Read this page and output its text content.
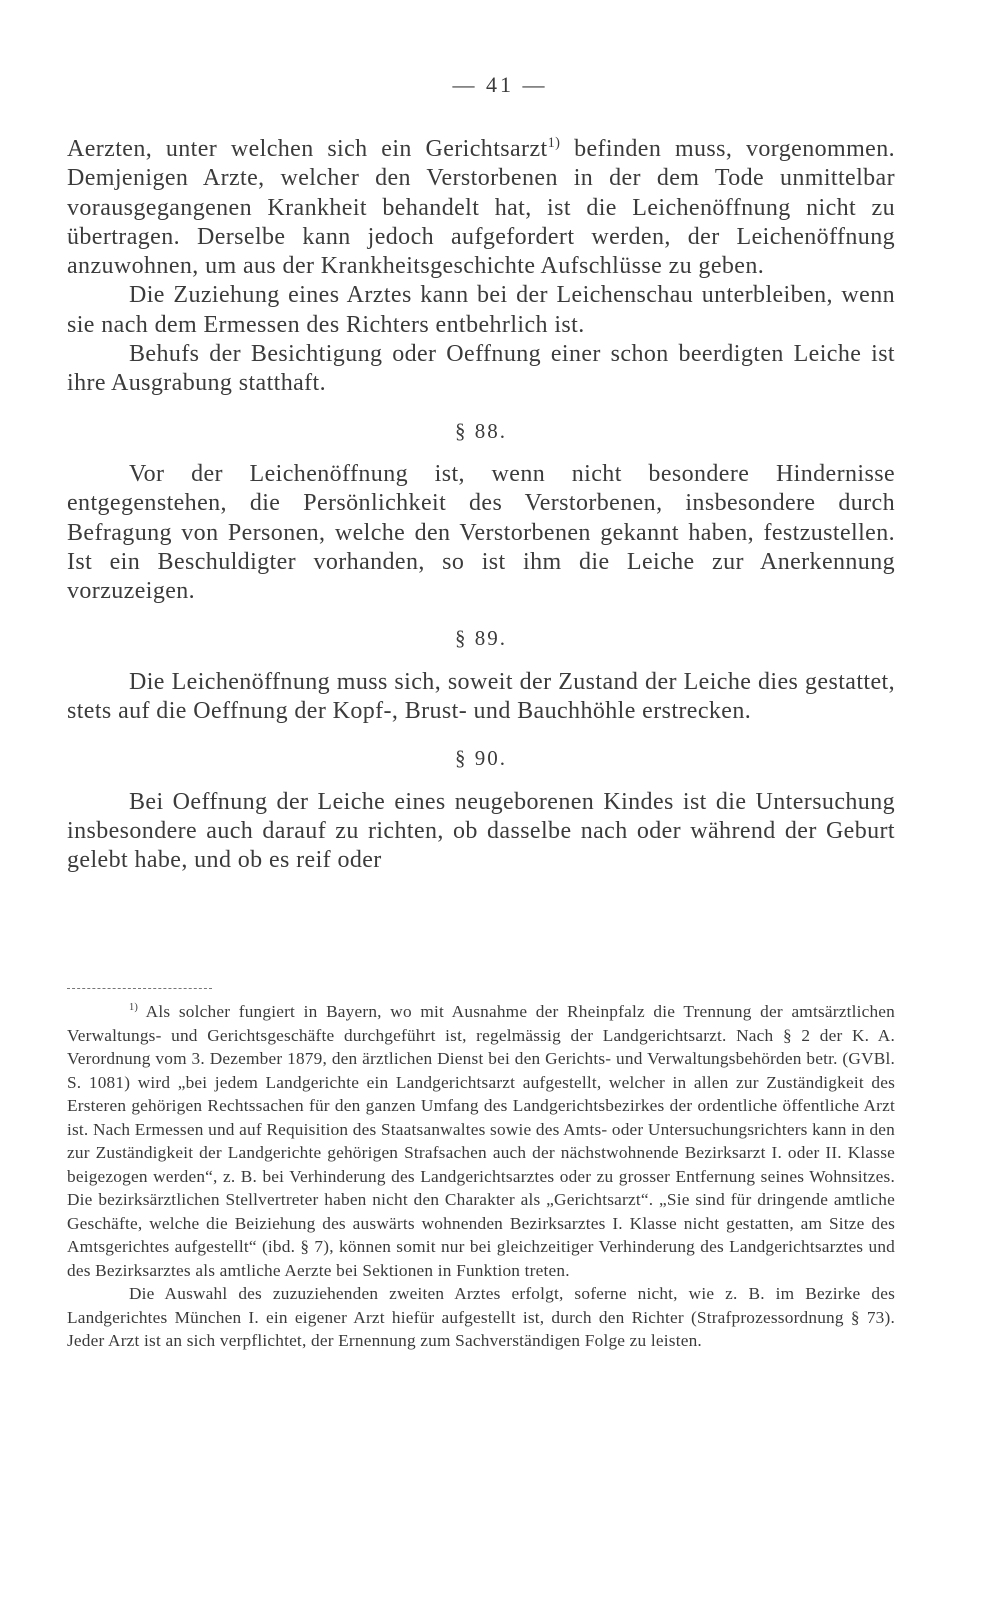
— 41 —

Aerzten, unter welchen sich ein Gerichtsarzt$^{1)}$ befinden muss, vorgenommen. Demjenigen Arzte, welcher den Verstorbenen in der dem Tode unmittelbar vorausgegangenen Krankheit behandelt hat, ist die Leichenöffnung nicht zu übertragen. Derselbe kann jedoch aufgefordert werden, der Leichenöffnung anzuwohnen, um aus der Krankheitsgeschichte Aufschlüsse zu geben.

Die Zuziehung eines Arztes kann bei der Leichenschau unterbleiben, wenn sie nach dem Ermessen des Richters entbehrlich ist.

Behufs der Besichtigung oder Oeffnung einer schon beerdigten Leiche ist ihre Ausgrabung statthaft.

§ 88.

Vor der Leichenöffnung ist, wenn nicht besondere Hindernisse entgegenstehen, die Persönlichkeit des Verstorbenen, insbesondere durch Befragung von Personen, welche den Verstorbenen gekannt haben, festzustellen. Ist ein Beschuldigter vorhanden, so ist ihm die Leiche zur Anerkennung vorzuzeigen.

§ 89.

Die Leichenöffnung muss sich, soweit der Zustand der Leiche dies gestattet, stets auf die Oeffnung der Kopf-, Brust- und Bauchhöhle erstrecken.

§ 90.

Bei Oeffnung der Leiche eines neugeborenen Kindes ist die Untersuchung insbesondere auch darauf zu richten, ob dasselbe nach oder während der Geburt gelebt habe, und ob es reif oder

$^{1)}$ Als solcher fungiert in Bayern, wo mit Ausnahme der Rheinpfalz die Trennung der amtsärztlichen Verwaltungs- und Gerichtsgeschäfte durchgeführt ist, regelmässig der Landgerichtsarzt. Nach § 2 der K. A. Verordnung vom 3. Dezember 1879, den ärztlichen Dienst bei den Gerichts- und Verwaltungsbehörden betr. (GVBl. S. 1081) wird „bei jedem Landgerichte ein Landgerichtsarzt aufgestellt, welcher in allen zur Zuständigkeit des Ersteren gehörigen Rechtssachen für den ganzen Umfang des Landgerichtsbezirkes der ordentliche öffentliche Arzt ist. Nach Ermessen und auf Requisition des Staatsanwaltes sowie des Amts- oder Untersuchungsrichters kann in den zur Zuständigkeit der Landgerichte gehörigen Strafsachen auch der nächstwohnende Bezirksarzt I. oder II. Klasse beigezogen werden“, z. B. bei Verhinderung des Landgerichtsarztes oder zu grosser Entfernung seines Wohnsitzes. Die bezirksärztlichen Stellvertreter haben nicht den Charakter als „Gerichtsarzt“. „Sie sind für dringende amtliche Geschäfte, welche die Beiziehung des auswärts wohnenden Bezirksarztes I. Klasse nicht gestatten, am Sitze des Amtsgerichtes aufgestellt“ (ibd. § 7), können somit nur bei gleichzeitiger Verhinderung des Landgerichtsarztes und des Bezirksarztes als amtliche Aerzte bei Sektionen in Funktion treten.

Die Auswahl des zuzuziehenden zweiten Arztes erfolgt, soferne nicht, wie z. B. im Bezirke des Landgerichtes München I. ein eigener Arzt hiefür aufgestellt ist, durch den Richter (Strafprozessordnung § 73). Jeder Arzt ist an sich verpflichtet, der Ernennung zum Sachverständigen Folge zu leisten.
